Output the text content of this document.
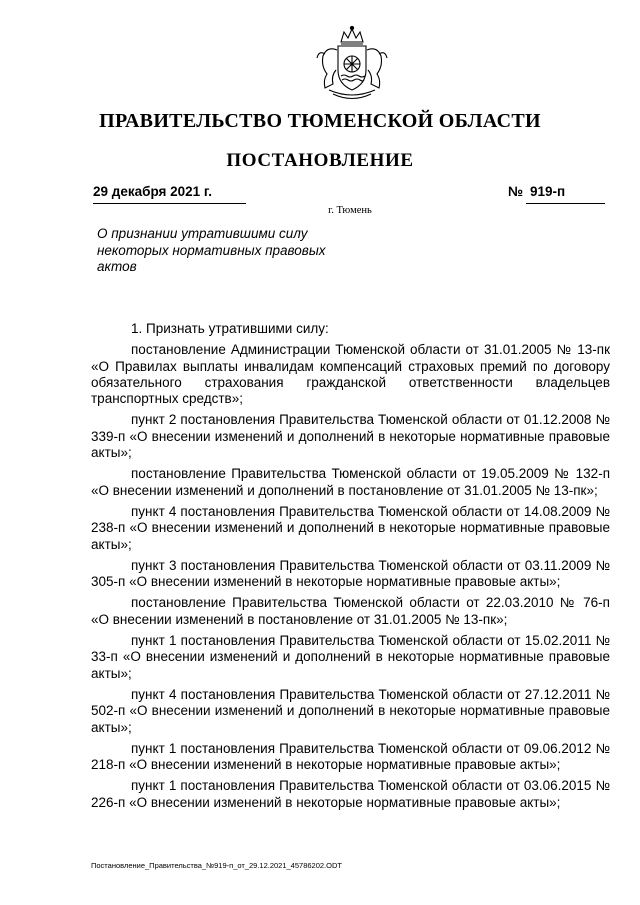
ПРАВИТЕЛЬСТВО ТЮМЕНСКОЙ ОБЛАСТИ
ПОСТАНОВЛЕНИЕ
29 декабря 2021 г.	№ 919-п
г. Тюмень
О признании утратившими силу некоторых нормативных правовых актов

1. Признать утратившими силу:

постановление Администрации Тюменской области от 31.01.2005 № 13-пк «О Правилах выплаты инвалидам компенсаций страховых премий по договору обязательного страхования гражданской ответственности владельцев транспортных средств»;

пункт 2 постановления Правительства Тюменской области от 01.12.2008 № 339-п «О внесении изменений и дополнений в некоторые нормативные правовые акты»;

постановление Правительства Тюменской области от 19.05.2009 № 132-п «О внесении изменений и дополнений в постановление от 31.01.2005 № 13-пк»;

пункт 4 постановления Правительства Тюменской области от 14.08.2009 № 238-п «О внесении изменений и дополнений в некоторые нормативные правовые акты»;

пункт 3 постановления Правительства Тюменской области от 03.11.2009 № 305-п «О внесении изменений в некоторые нормативные правовые акты»;

постановление Правительства Тюменской области от 22.03.2010 № 76-п «О внесении изменений в постановление от 31.01.2005 № 13-пк»;

пункт 1 постановления Правительства Тюменской области от 15.02.2011 № 33-п «О внесении изменений и дополнений в некоторые нормативные правовые акты»;

пункт 4 постановления Правительства Тюменской области от 27.12.2011 № 502-п «О внесении изменений и дополнений в некоторые нормативные правовые акты»;

пункт 1 постановления Правительства Тюменской области от 09.06.2012 № 218-п «О внесении изменений в некоторые нормативные правовые акты»;

пункт 1 постановления Правительства Тюменской области от 03.06.2015 № 226-п «О внесении изменений в некоторые нормативные правовые акты»;

Постановление_Правительства_№919-п_от_29.12.2021_45786202.ODT
